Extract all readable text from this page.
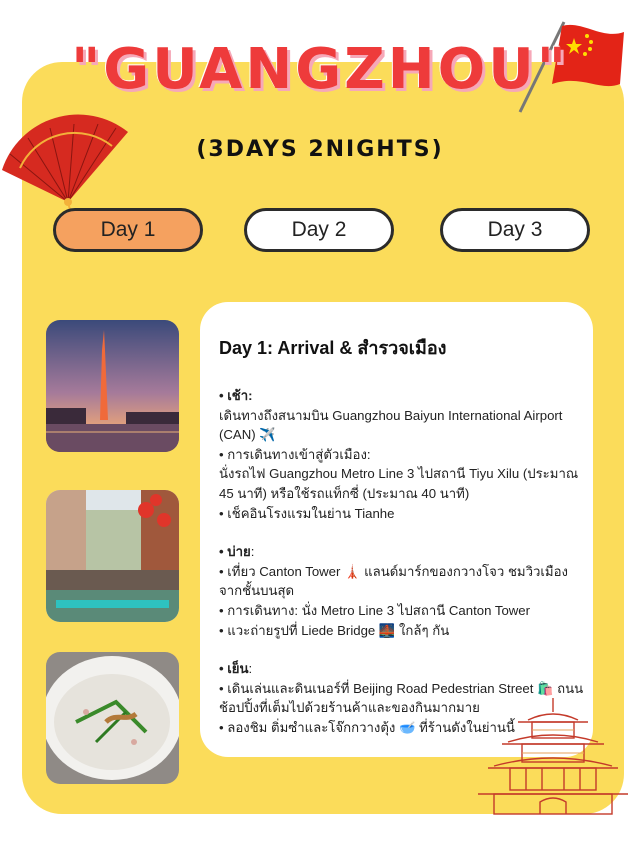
"GUANGZHOU"
(3DAYS 2NIGHTS)
Day 1	Day 2	Day 3
Day 1: Arrival & สำรวจเมือง

• เช้า:

เดินทางถึงสนามบิน Guangzhou Baiyun International Airport (CAN) ✈️

• การเดินทางเข้าสู่ตัวเมือง:

นั่งรถไฟ Guangzhou Metro Line 3 ไปสถานี Tiyu Xilu (ประมาณ 45 นาที) หรือใช้รถแท็กซี่ (ประมาณ 40 นาที)

• เช็คอินโรงแรมในย่าน Tianhe

• บ่าย:

• เที่ยว Canton Tower 🗼 แลนด์มาร์กของกวางโจว ชมวิวเมืองจากชั้นบนสุด

• การเดินทาง: นั่ง Metro Line 3 ไปสถานี Canton Tower

• แวะถ่ายรูปที่ Liede Bridge 🌉 ใกล้ๆ กัน

• เย็น:

• เดินเล่นและดินเนอร์ที่ Beijing Road Pedestrian Street 🛍️ ถนนช้อปปิ้งที่เต็มไปด้วยร้านค้าและของกินมากมาย

• ลองชิม ติ่มซำและโจ๊กกวางตุ้ง 🥣 ที่ร้านดังในย่านนี้
